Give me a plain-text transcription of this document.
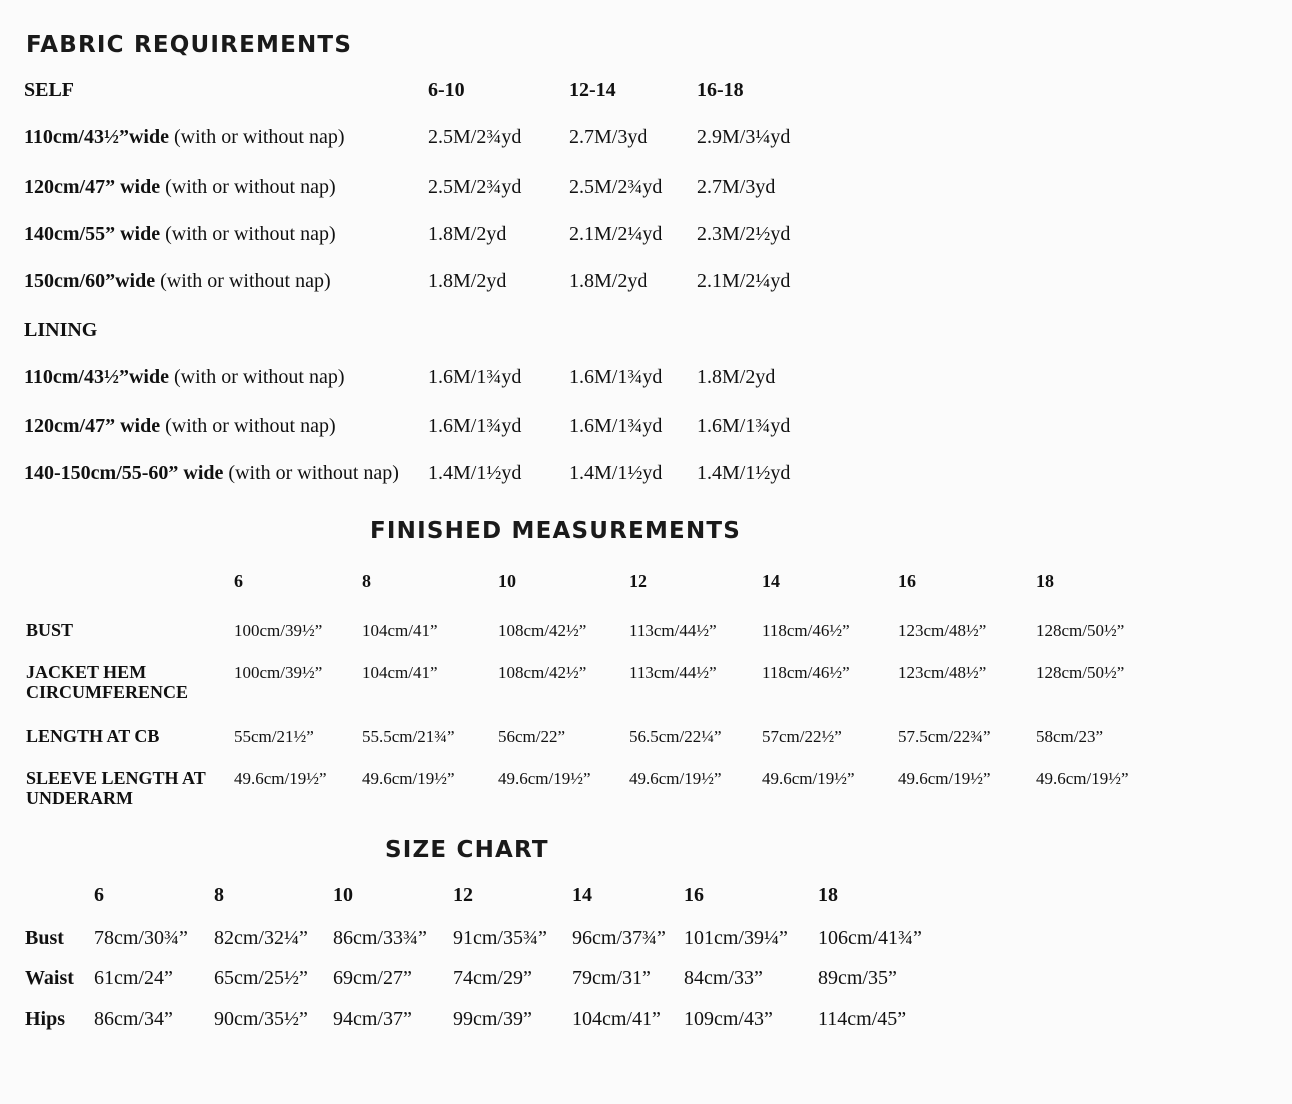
FABRIC REQUIREMENTS
SELF	6-10	12-14	16-18
110cm/43½”wide (with or without nap)	2.5M/2¾yd 2.7M/3yd 2.9M/3¼yd
120cm/47” wide (with or without nap)	2.5M/2¾yd 2.5M/2¾yd 2.7M/3yd
140cm/55” wide (with or without nap)	1.8M/2yd	2.1M/2¼yd 2.3M/2½yd
150cm/60”wide (with or without nap)	1.8M/2yd	1.8M/2yd 2.1M/2¼yd
LINING
110cm/43½”wide (with or without nap)	1.6M/1¾yd 1.6M/1¾yd 1.8M/2yd
120cm/47” wide (with or without nap)	1.6M/1¾yd 1.6M/1¾yd 1.6M/1¾yd
140-150cm/55-60” wide (with or without nap) 1.4M/1½yd 1.4M/1½yd 1.4M/1½yd
FINISHED MEASUREMENTS
6	8	10	12	14	16	18
BUST	100cm/39½” 104cm/41”	108cm/42½”	113cm/44½”	118cm/46½”	123cm/48½”	128cm/50½”
JACKET HEM
CIRCUMFERENCE
100cm/39½” 104cm/41”	108cm/42½”	113cm/44½”	118cm/46½”	123cm/48½”	128cm/50½”
LENGTH AT CB	55cm/21½”	55.5cm/21¾”	56cm/22”	56.5cm/22¼” 57cm/22½”	57.5cm/22¾”	58cm/23”
SLEEVE LENGTH AT
UNDERARM
49.6cm/19½” 49.6cm/19½”	49.6cm/19½” 49.6cm/19½” 49.6cm/19½”	49.6cm/19½”	49.6cm/19½”
SIZE CHART
6	8	10	12	14	16	18
Bust 78cm/30¾” 82cm/32¼” 86cm/33¾” 91cm/35¾” 96cm/37¾” 101cm/39¼” 106cm/41¾”
Waist 61cm/24” 65cm/25½” 69cm/27” 74cm/29” 79cm/31” 84cm/33”	89cm/35”
Hips 86cm/34” 90cm/35½” 94cm/37” 99cm/39” 104cm/41” 109cm/43” 114cm/45”
